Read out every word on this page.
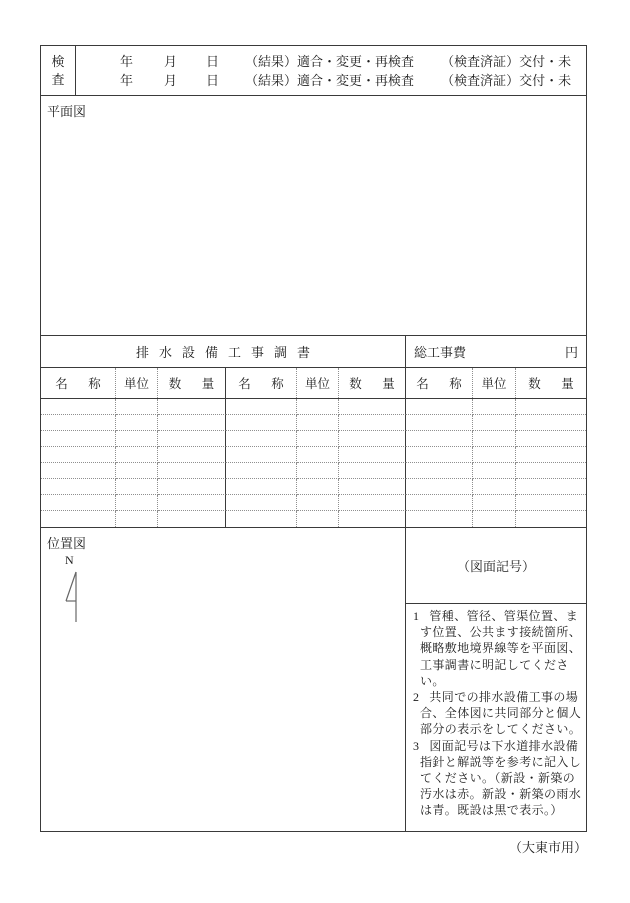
検査
年 月 日 （結果）適合・変更・再検査 （検査済証）交付・未
年 月 日 （結果）適合・変更・再検査 （検査済証）交付・未
平面図
排水設備工事調書	総工事費	円
名　称	単位	数　量	名　称	単位	数　量	名　称	単位	数　量
位置図
N	（図面記号）
1 管種、管径、管渠位置、ます位置、公共ます接続箇所、概略敷地境界線等を平面図、工事調書に明記してください。
2 共同での排水設備工事の場合、全体図に共同部分と個人部分の表示をしてください。
3 図面記号は下水道排水設備指針と解説等を参考に記入してください。（新設・新築の汚水は赤。新設・新築の雨水は青。既設は黒で表示。）
（大東市用）
